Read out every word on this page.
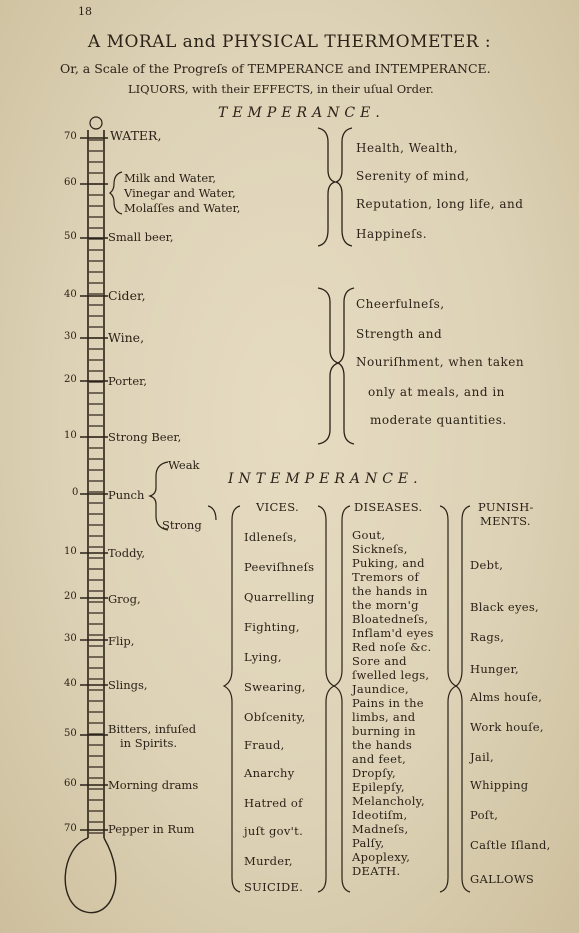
18
A MORAL and PHYSICAL THERMOMETER :
Or, a Scale of the Progreſs of TEMPERANCE and INTEMPERANCE.
LIQUORS, with their EFFECTS, in their uſual Order.
TEMPERANCE.
INTEMPERANCE.
70
60
50
40
30
20
10
0
10
20
30
40
50
60
70
WATER,
Milk and Water,
Vinegar and Water,
Molaſſes and Water,
Small beer,
Cider,
Wine,
Porter,
Strong Beer,
Weak
Punch
Strong
Toddy,
Grog,
Flip,
Slings,
Bitters, infuſed
in Spirits.
Morning drams
Pepper in Rum
Health, Wealth,
Serenity of mind,
Reputation, long life, and
Happineſs.
Cheerfulneſs,
Strength and
Nouriſhment, when taken
only at meals, and in
moderate quantities.
VICES.	DISEASES.	PUNISH-
MENTS.
Idleneſs,
Peeviſhneſs
Quarrelling
Fighting,
Lying,
Swearing,
Obſcenity,
Fraud,
Anarchy
Hatred of
juſt gov't.
Murder,
SUICIDE.
Gout,
Sickneſs,
Puking, and
Tremors of
the hands in
the morn'g
Bloatedneſs,
Inflam'd eyes
Red noſe &c.
Sore and
ſwelled legs,
Jaundice,
Pains in the
limbs, and
burning in
the hands
and feet,
Dropſy,
Epilepſy,
Melancholy,
Ideotiſm,
Madneſs,
Palſy,
Apoplexy,
DEATH.
Debt,
Black eyes,
Rags,
Hunger,
Alms houſe,
Work houſe,
Jail,
Whipping
Poſt,
Caſtle Iſland,
GALLOWS
